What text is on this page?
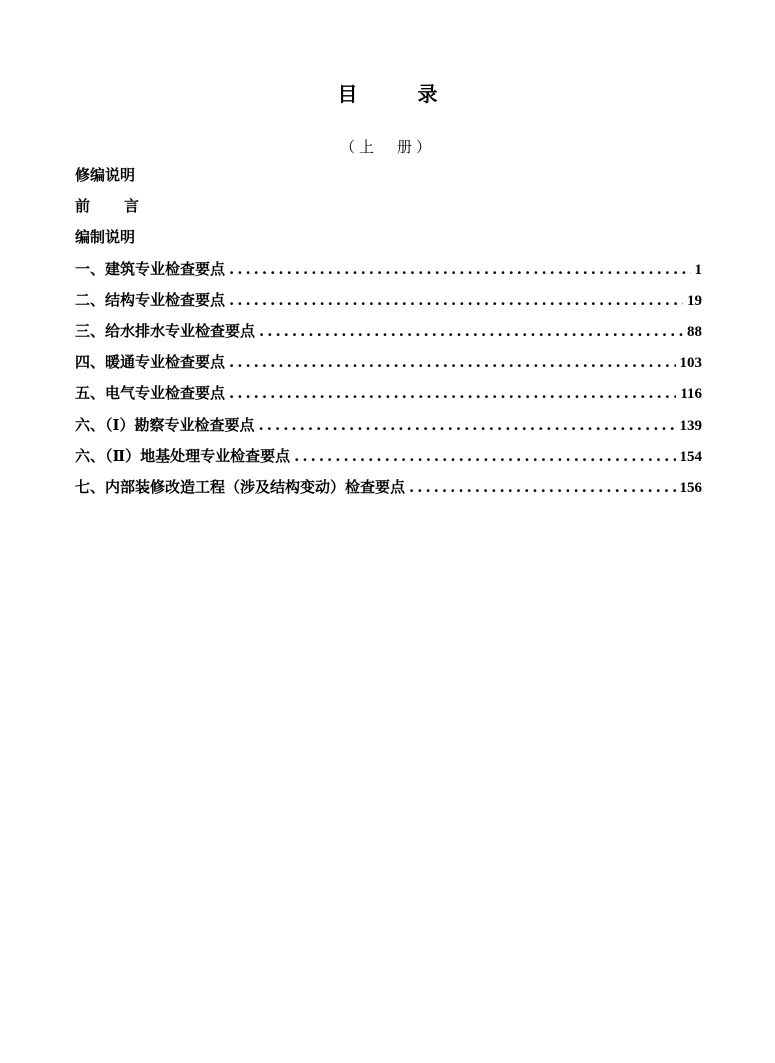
目　录
（上　册）
修编说明
前言
编制说明
一、建筑专业检查要点 .....	1
二、结构专业检查要点 .....	19
三、给水排水专业检查要点 .....	88
四、暖通专业检查要点 .....	103
五、电气专业检查要点 .....	116
六、（Ⅰ）勘察专业检查要点 .....	139
六、（Ⅱ）地基处理专业检查要点 .....	154
七、内部装修改造工程（涉及结构变动）检查要点 .....	156
